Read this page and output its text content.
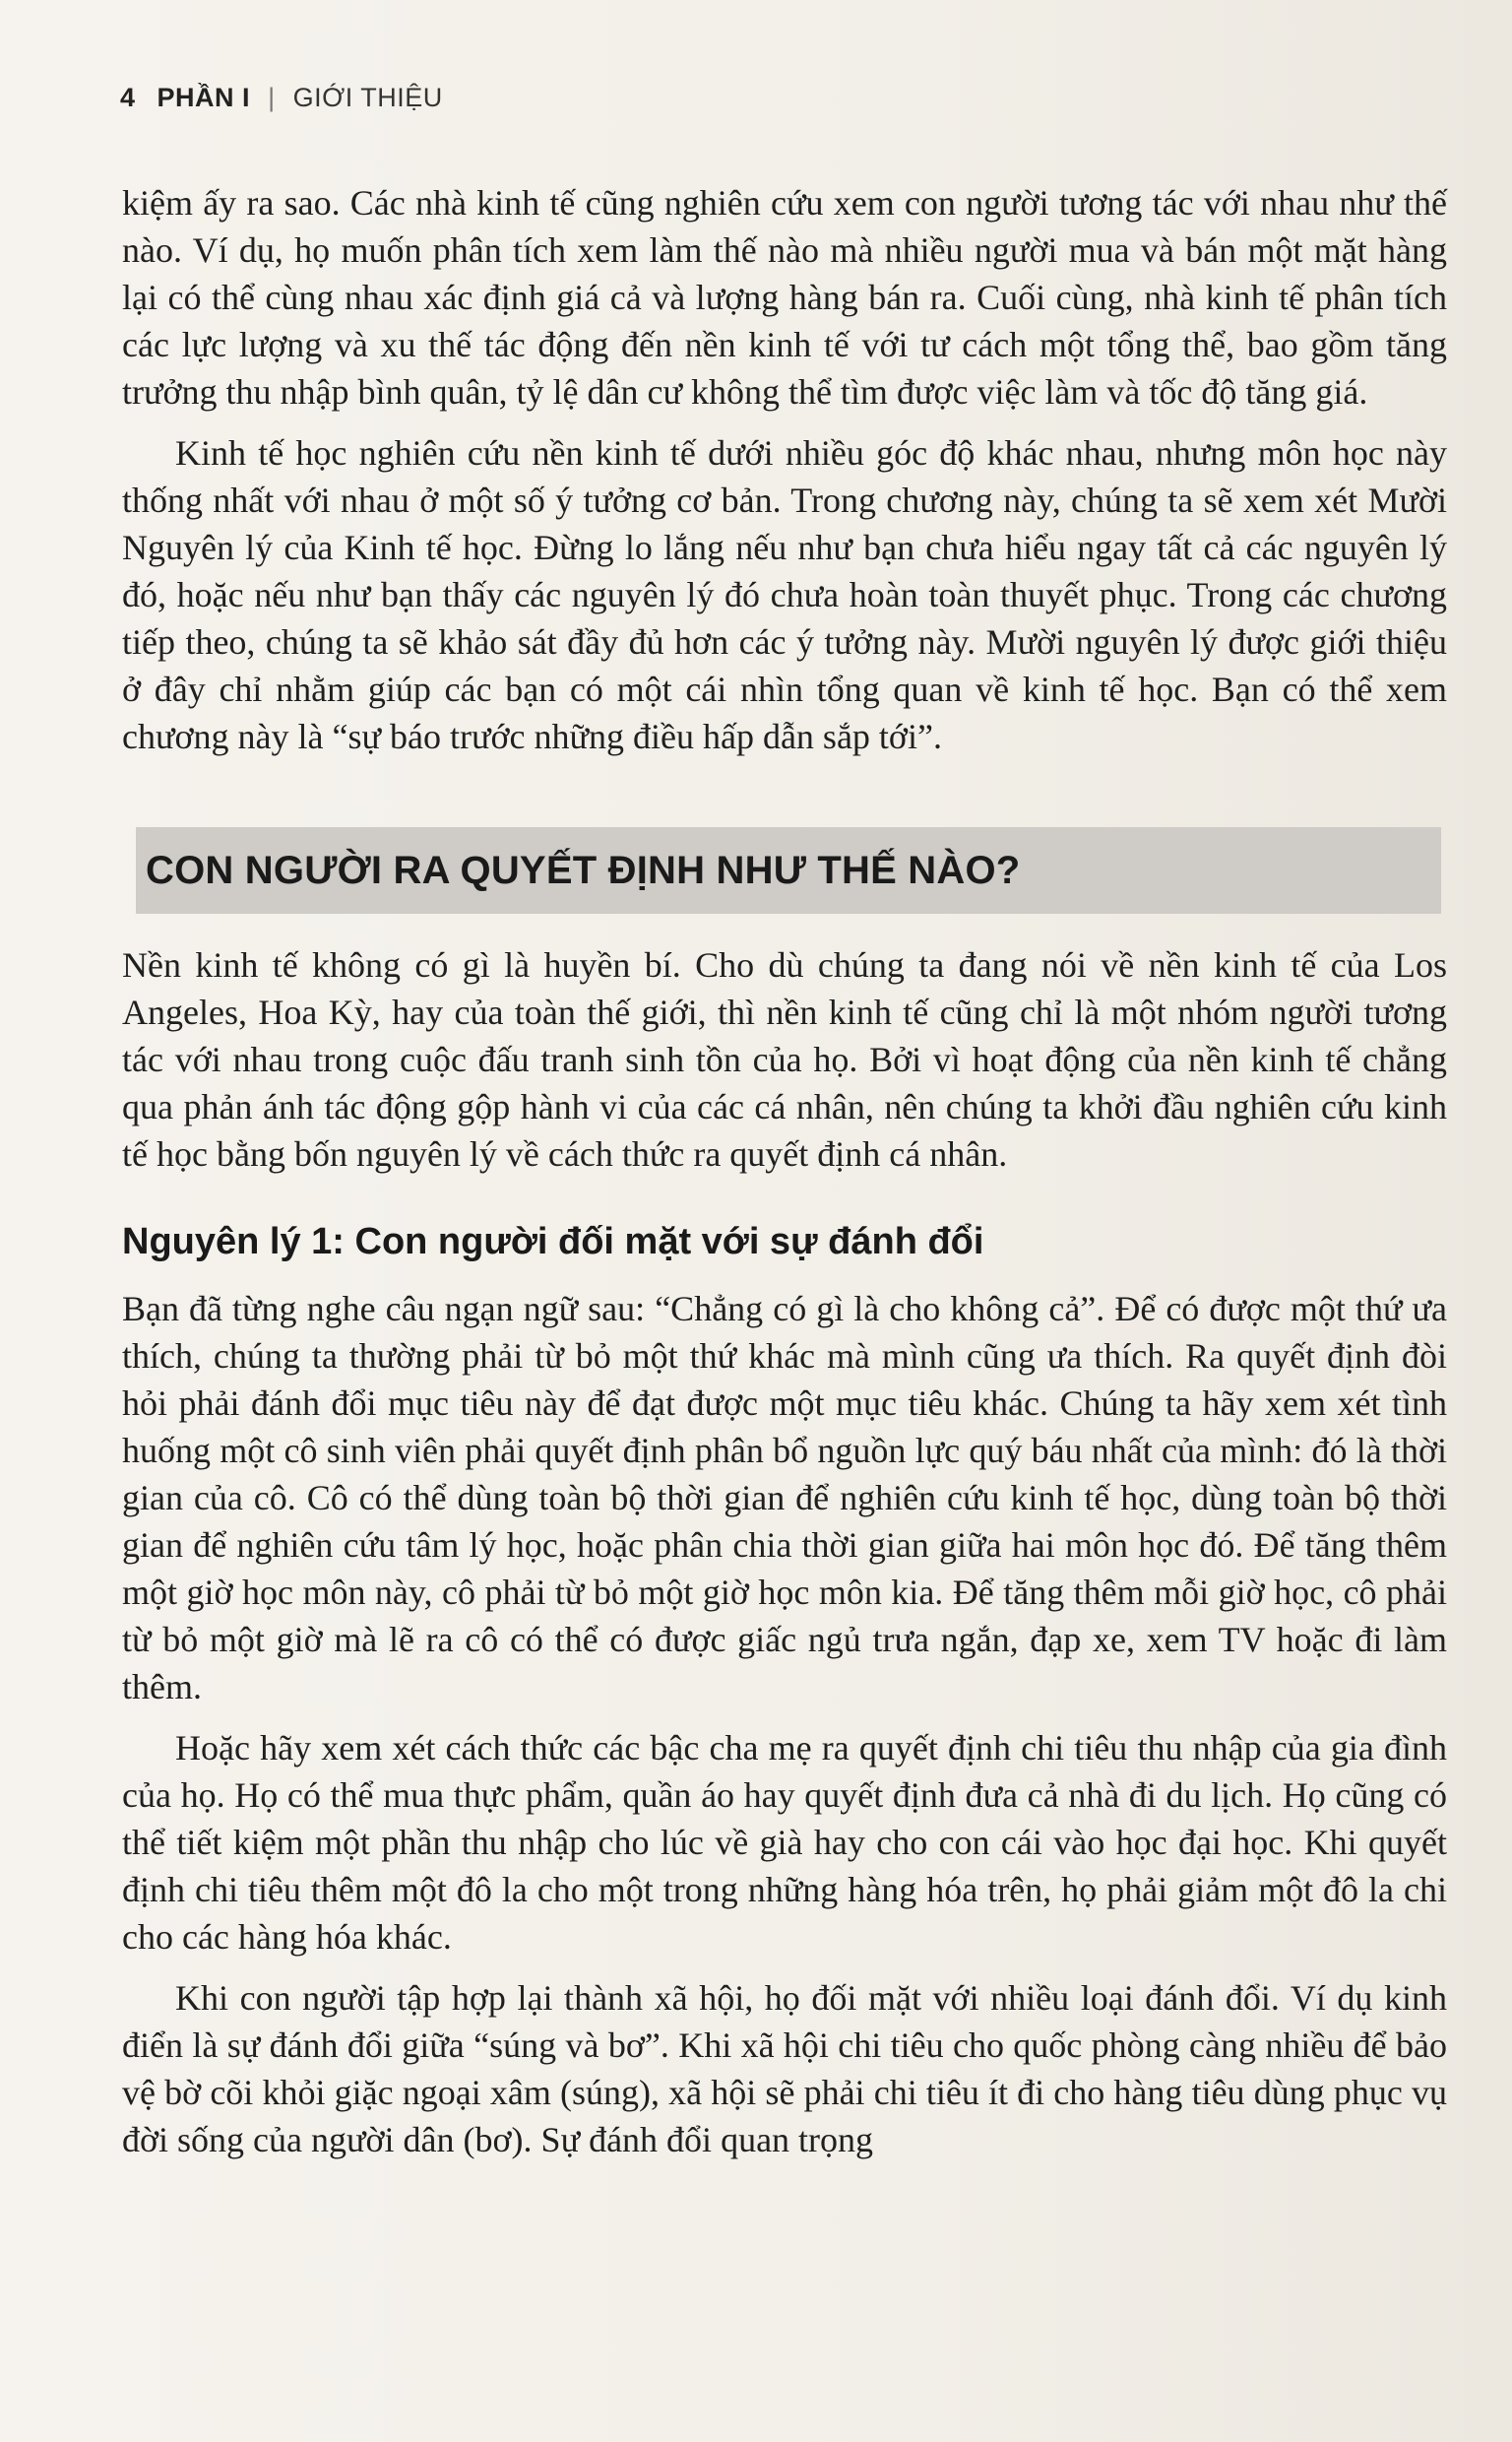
4 PHẦN I | GIỚI THIỆU

kiệm ấy ra sao. Các nhà kinh tế cũng nghiên cứu xem con người tương tác với nhau như thế nào. Ví dụ, họ muốn phân tích xem làm thế nào mà nhiều người mua và bán một mặt hàng lại có thể cùng nhau xác định giá cả và lượng hàng bán ra. Cuối cùng, nhà kinh tế phân tích các lực lượng và xu thế tác động đến nền kinh tế với tư cách một tổng thể, bao gồm tăng trưởng thu nhập bình quân, tỷ lệ dân cư không thể tìm được việc làm và tốc độ tăng giá.

Kinh tế học nghiên cứu nền kinh tế dưới nhiều góc độ khác nhau, nhưng môn học này thống nhất với nhau ở một số ý tưởng cơ bản. Trong chương này, chúng ta sẽ xem xét Mười Nguyên lý của Kinh tế học. Đừng lo lắng nếu như bạn chưa hiểu ngay tất cả các nguyên lý đó, hoặc nếu như bạn thấy các nguyên lý đó chưa hoàn toàn thuyết phục. Trong các chương tiếp theo, chúng ta sẽ khảo sát đầy đủ hơn các ý tưởng này. Mười nguyên lý được giới thiệu ở đây chỉ nhằm giúp các bạn có một cái nhìn tổng quan về kinh tế học. Bạn có thể xem chương này là “sự báo trước những điều hấp dẫn sắp tới”.

CON NGƯỜI RA QUYẾT ĐỊNH NHƯ THẾ NÀO?

Nền kinh tế không có gì là huyền bí. Cho dù chúng ta đang nói về nền kinh tế của Los Angeles, Hoa Kỳ, hay của toàn thế giới, thì nền kinh tế cũng chỉ là một nhóm người tương tác với nhau trong cuộc đấu tranh sinh tồn của họ. Bởi vì hoạt động của nền kinh tế chẳng qua phản ánh tác động gộp hành vi của các cá nhân, nên chúng ta khởi đầu nghiên cứu kinh tế học bằng bốn nguyên lý về cách thức ra quyết định cá nhân.

Nguyên lý 1: Con người đối mặt với sự đánh đổi

Bạn đã từng nghe câu ngạn ngữ sau: “Chẳng có gì là cho không cả”. Để có được một thứ ưa thích, chúng ta thường phải từ bỏ một thứ khác mà mình cũng ưa thích. Ra quyết định đòi hỏi phải đánh đổi mục tiêu này để đạt được một mục tiêu khác. Chúng ta hãy xem xét tình huống một cô sinh viên phải quyết định phân bổ nguồn lực quý báu nhất của mình: đó là thời gian của cô. Cô có thể dùng toàn bộ thời gian để nghiên cứu kinh tế học, dùng toàn bộ thời gian để nghiên cứu tâm lý học, hoặc phân chia thời gian giữa hai môn học đó. Để tăng thêm một giờ học môn này, cô phải từ bỏ một giờ học môn kia. Để tăng thêm mỗi giờ học, cô phải từ bỏ một giờ mà lẽ ra cô có thể có được giấc ngủ trưa ngắn, đạp xe, xem TV hoặc đi làm thêm.

Hoặc hãy xem xét cách thức các bậc cha mẹ ra quyết định chi tiêu thu nhập của gia đình của họ. Họ có thể mua thực phẩm, quần áo hay quyết định đưa cả nhà đi du lịch. Họ cũng có thể tiết kiệm một phần thu nhập cho lúc về già hay cho con cái vào học đại học. Khi quyết định chi tiêu thêm một đô la cho một trong những hàng hóa trên, họ phải giảm một đô la chi cho các hàng hóa khác.

Khi con người tập hợp lại thành xã hội, họ đối mặt với nhiều loại đánh đổi. Ví dụ kinh điển là sự đánh đổi giữa “súng và bơ”. Khi xã hội chi tiêu cho quốc phòng càng nhiều để bảo vệ bờ cõi khỏi giặc ngoại xâm (súng), xã hội sẽ phải chi tiêu ít đi cho hàng tiêu dùng phục vụ đời sống của người dân (bơ). Sự đánh đổi quan trọng
